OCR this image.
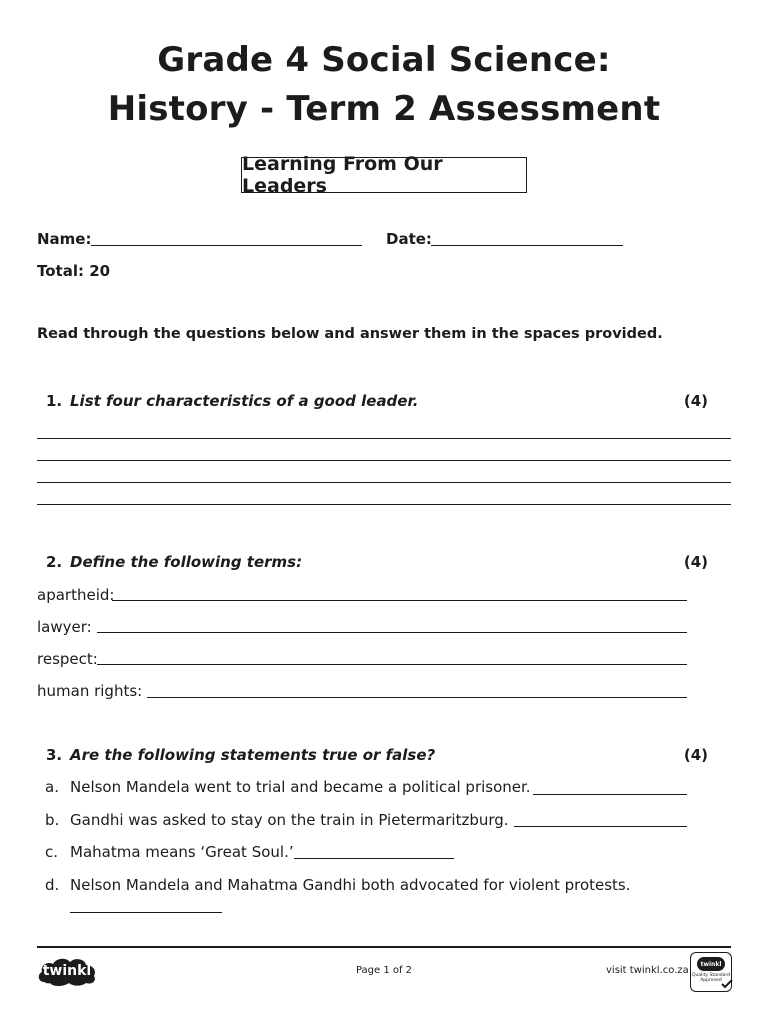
Grade 4 Social Science:
History - Term 2 Assessment
Learning From Our Leaders
Name:	Date:
Total: 20
Read through the questions below and answer them in the spaces provided.
1. List four characteristics of a good leader.	(4)
2. Define the following terms:	(4)
apartheid:
lawyer:
respect:
human rights:
3. Are the following statements true or false?	(4)
a. Nelson Mandela went to trial and became a political prisoner.
b. Gandhi was asked to stay on the train in Pietermaritzburg.
c. Mahatma means ‘Great Soul.’
d. Nelson Mandela and Mahatma Gandhi both advocated for violent protests.
twinkl	Page 1 of 2	visit twinkl.co.za
twinkl
Quality Standard Approved
